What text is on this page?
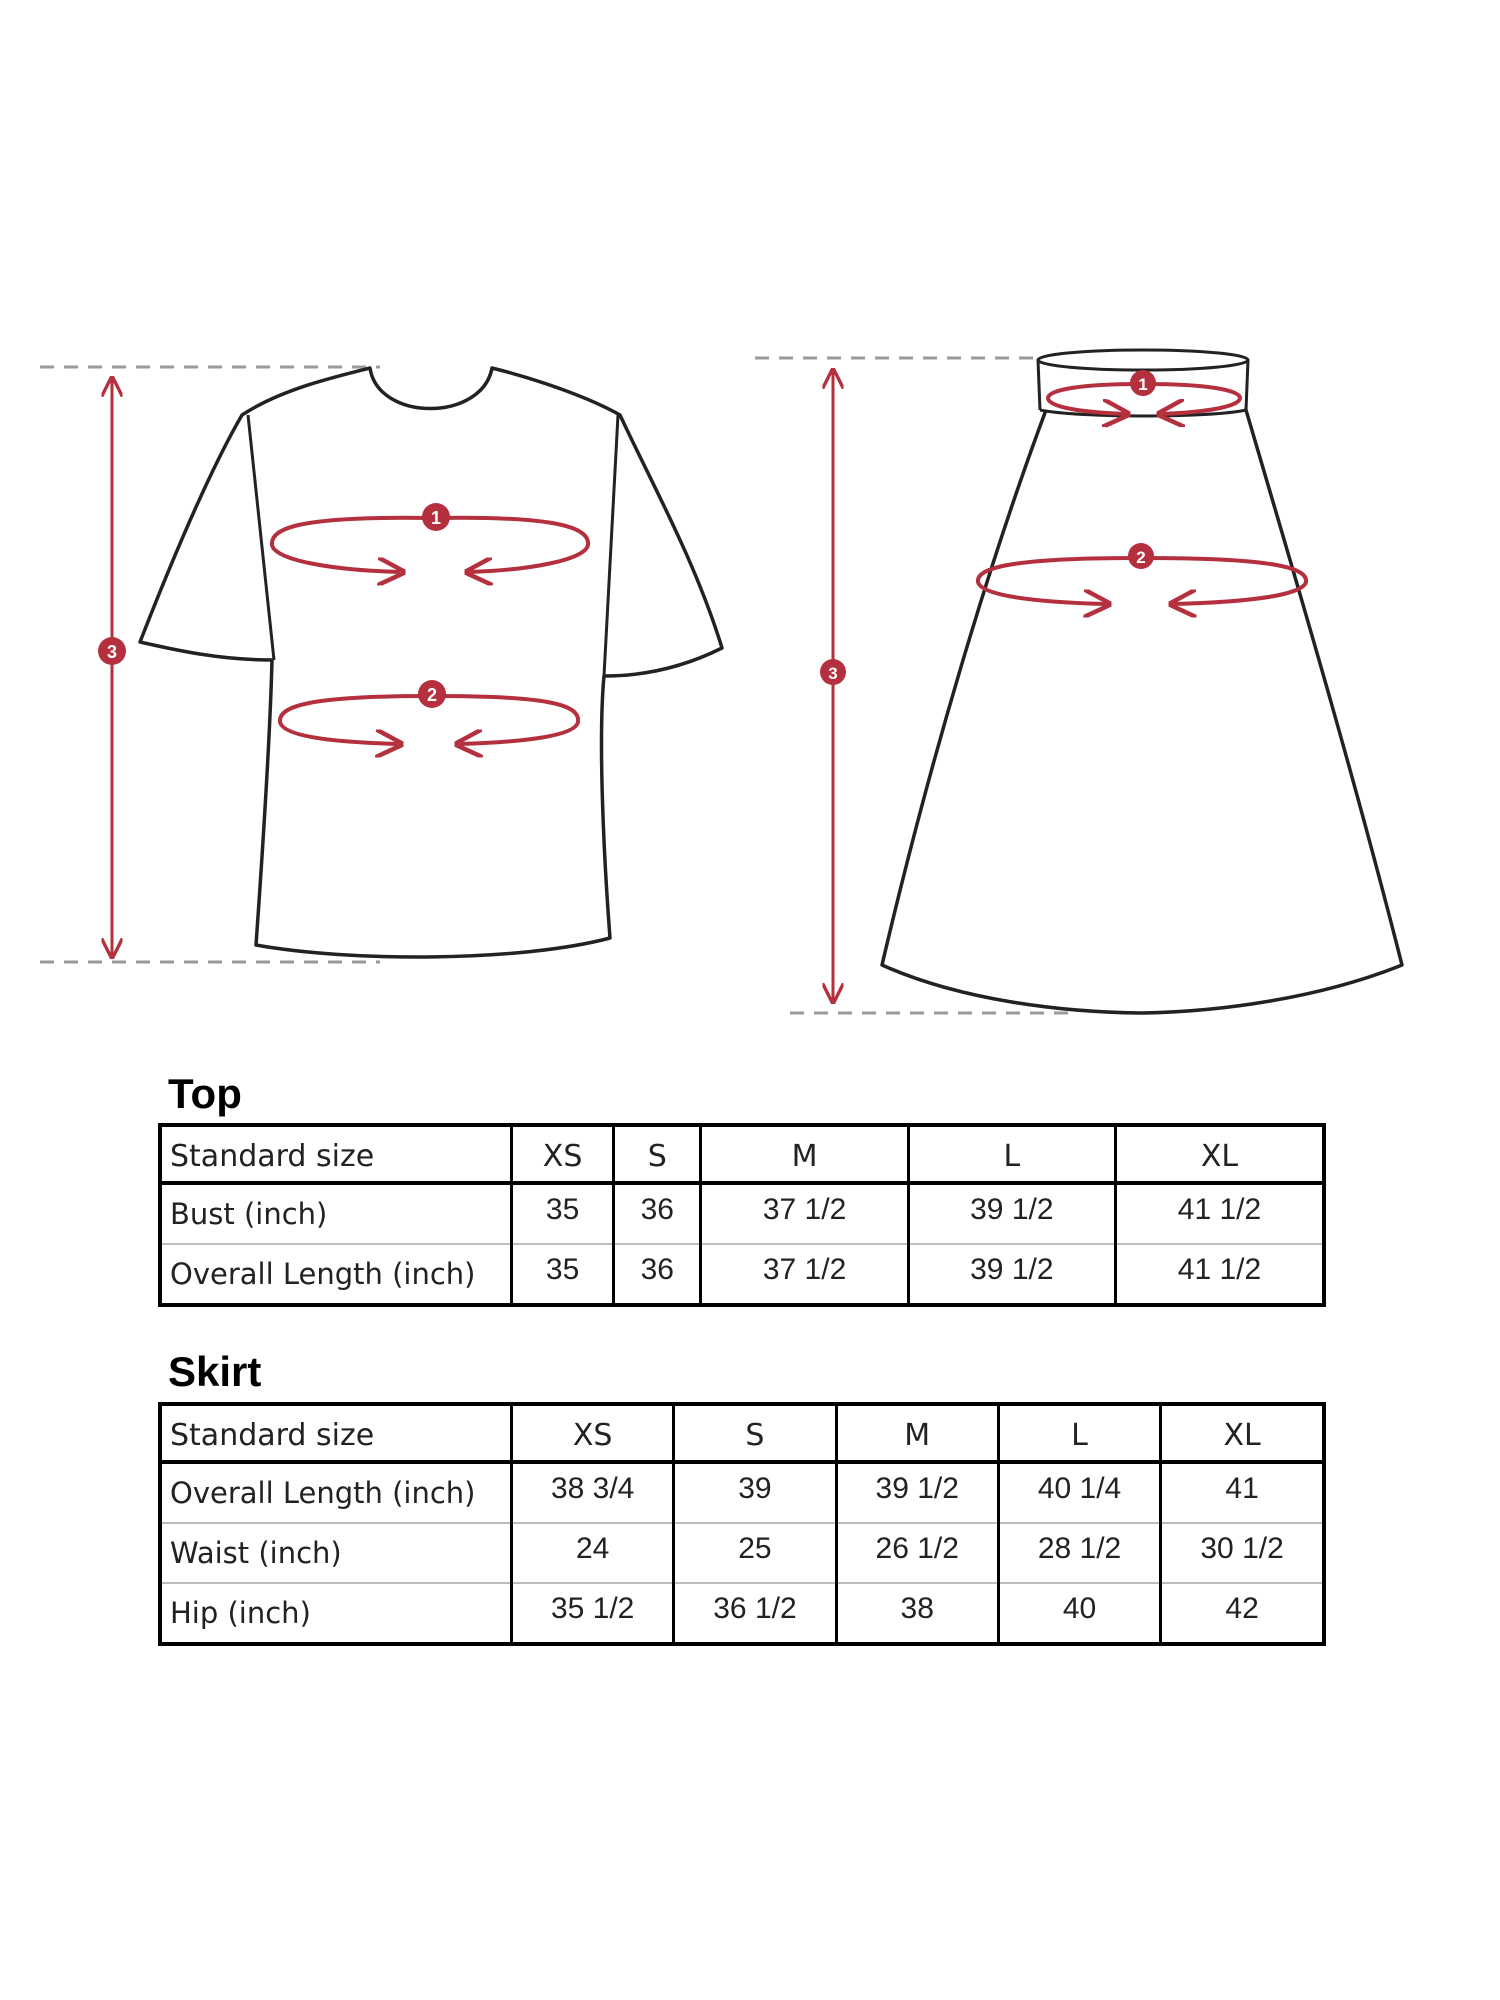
1
2
3
1
2
3
Top
Standard size	XS	S	M	L	XL
Bust (inch)	35	36	37 1/2	39 1/2	41 1/2
Overall Length (inch)	35	36	37 1/2	39 1/2	41 1/2
Skirt
Standard size	XS	S	M	L	XL
Overall Length (inch)	38 3/4	39	39 1/2	40 1/4	41
Waist (inch)	24	25	26 1/2	28 1/2	30 1/2
Hip (inch)	35 1/2	36 1/2	38	40	42
